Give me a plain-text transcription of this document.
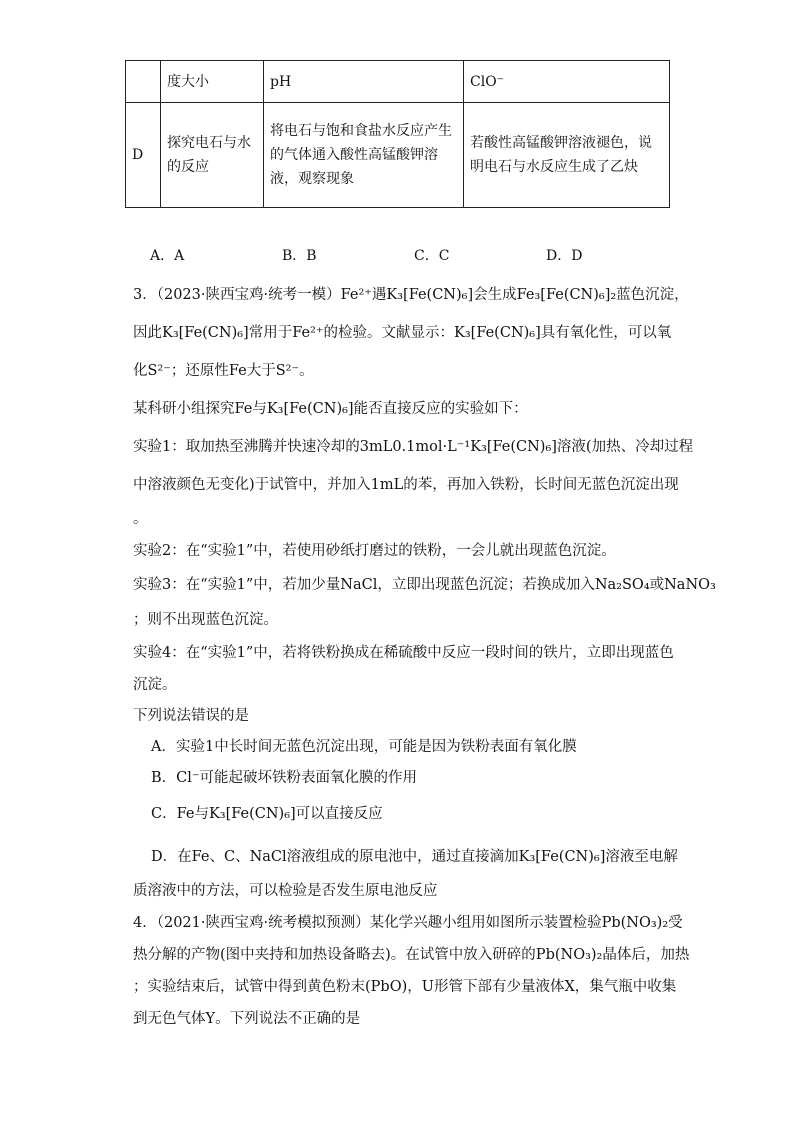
	度大小	pH	ClO⁻
D	探究电石与水的反应	将电石与饱和食盐水反应产生的气体通入酸性高锰酸钾溶液，观察现象	若酸性高锰酸钾溶液褪色，说明电石与水反应生成了乙炔
A．A	B．B	C．C	D．D
3．（2023·陕西宝鸡·统考一模）Fe²⁺遇K₃[Fe(CN)₆]会生成Fe₃[Fe(CN)₆]₂蓝色沉淀，
因此K₃[Fe(CN)₆]常用于Fe²⁺的检验。文献显示：K₃[Fe(CN)₆]具有氧化性，可以氧
化S²⁻；还原性Fe大于S²⁻。
某科研小组探究Fe与K₃[Fe(CN)₆]能否直接反应的实验如下：
实验1：取加热至沸腾并快速冷却的3mL0.1mol·L⁻¹K₃[Fe(CN)₆]溶液(加热、冷却过程
中溶液颜色无变化)于试管中，并加入1mL的苯，再加入铁粉，长时间无蓝色沉淀出现
。
实验2：在“实验1”中，若使用砂纸打磨过的铁粉，一会儿就出现蓝色沉淀。
实验3：在“实验1”中，若加少量NaCl，立即出现蓝色沉淀；若换成加入Na₂SO₄或NaNO₃
；则不出现蓝色沉淀。
实验4：在“实验1”中，若将铁粉换成在稀硫酸中反应一段时间的铁片，立即出现蓝色
沉淀。
下列说法错误的是
A．实验1中长时间无蓝色沉淀出现，可能是因为铁粉表面有氧化膜
B．Cl⁻可能起破坏铁粉表面氧化膜的作用
C．Fe与K₃[Fe(CN)₆]可以直接反应
D．在Fe、C、NaCl溶液组成的原电池中，通过直接滴加K₃[Fe(CN)₆]溶液至电解
质溶液中的方法，可以检验是否发生原电池反应
4．（2021·陕西宝鸡·统考模拟预测）某化学兴趣小组用如图所示装置检验Pb(NO₃)₂受
热分解的产物(图中夹持和加热设备略去)。在试管中放入研碎的Pb(NO₃)₂晶体后，加热
；实验结束后，试管中得到黄色粉末(PbO)，U形管下部有少量液体X，集气瓶中收集
到无色气体Y。下列说法不正确的是
